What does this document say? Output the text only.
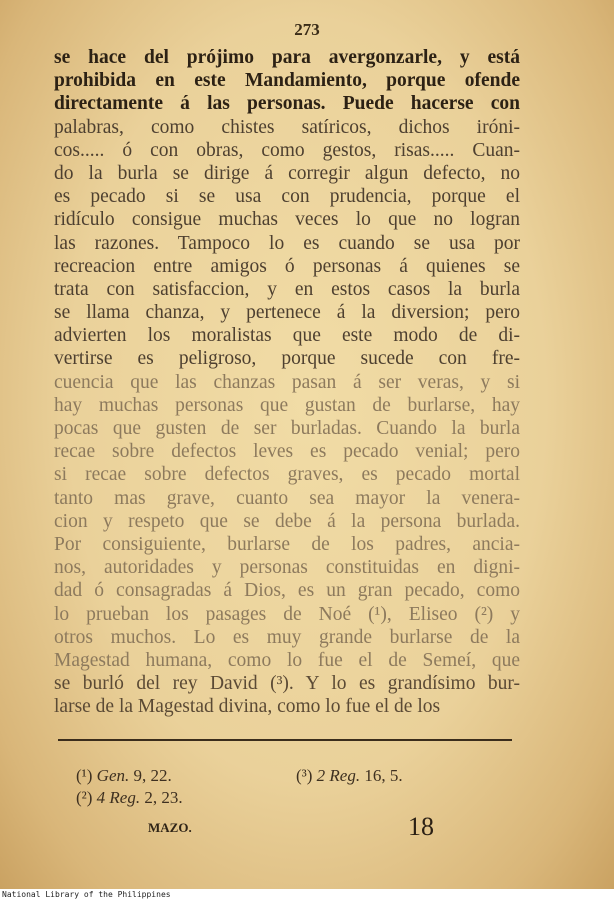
273
se hace del prójimo para avergonzarle, y está
prohibida en este Mandamiento, porque ofende
directamente á las personas. Puede hacerse con
palabras, como chistes satíricos, dichos iróni-
cos..... ó con obras, como gestos, risas..... Cuan-
do la burla se dirige á corregir algun defecto, no
es pecado si se usa con prudencia, porque el
ridículo consigue muchas veces lo que no logran
las razones. Tampoco lo es cuando se usa por
recreacion entre amigos ó personas á quienes se
trata con satisfaccion, y en estos casos la burla
se llama chanza, y pertenece á la diversion; pero
advierten los moralistas que este modo de di-
vertirse es peligroso, porque sucede con fre-
cuencia que las chanzas pasan á ser veras, y si
hay muchas personas que gustan de burlarse, hay
pocas que gusten de ser burladas. Cuando la burla
recae sobre defectos leves es pecado venial; pero
si recae sobre defectos graves, es pecado mortal
tanto mas grave, cuanto sea mayor la venera-
cion y respeto que se debe á la persona burlada.
Por consiguiente, burlarse de los padres, ancia-
nos, autoridades y personas constituidas en digni-
dad ó consagradas á Dios, es un gran pecado, como
lo prueban los pasages de Noé (¹), Eliseo (²) y
otros muchos. Lo es muy grande burlarse de la
Magestad humana, como lo fue el de Semeí, que
se burló del rey David (³). Y lo es grandísimo bur-
larse de la Magestad divina, como lo fue el de los
(¹) Gen. 9, 22.
(²) 4 Reg. 2, 23.
(³) 2 Reg. 16, 5.
MAZO.	18
National Library of the Philippines
